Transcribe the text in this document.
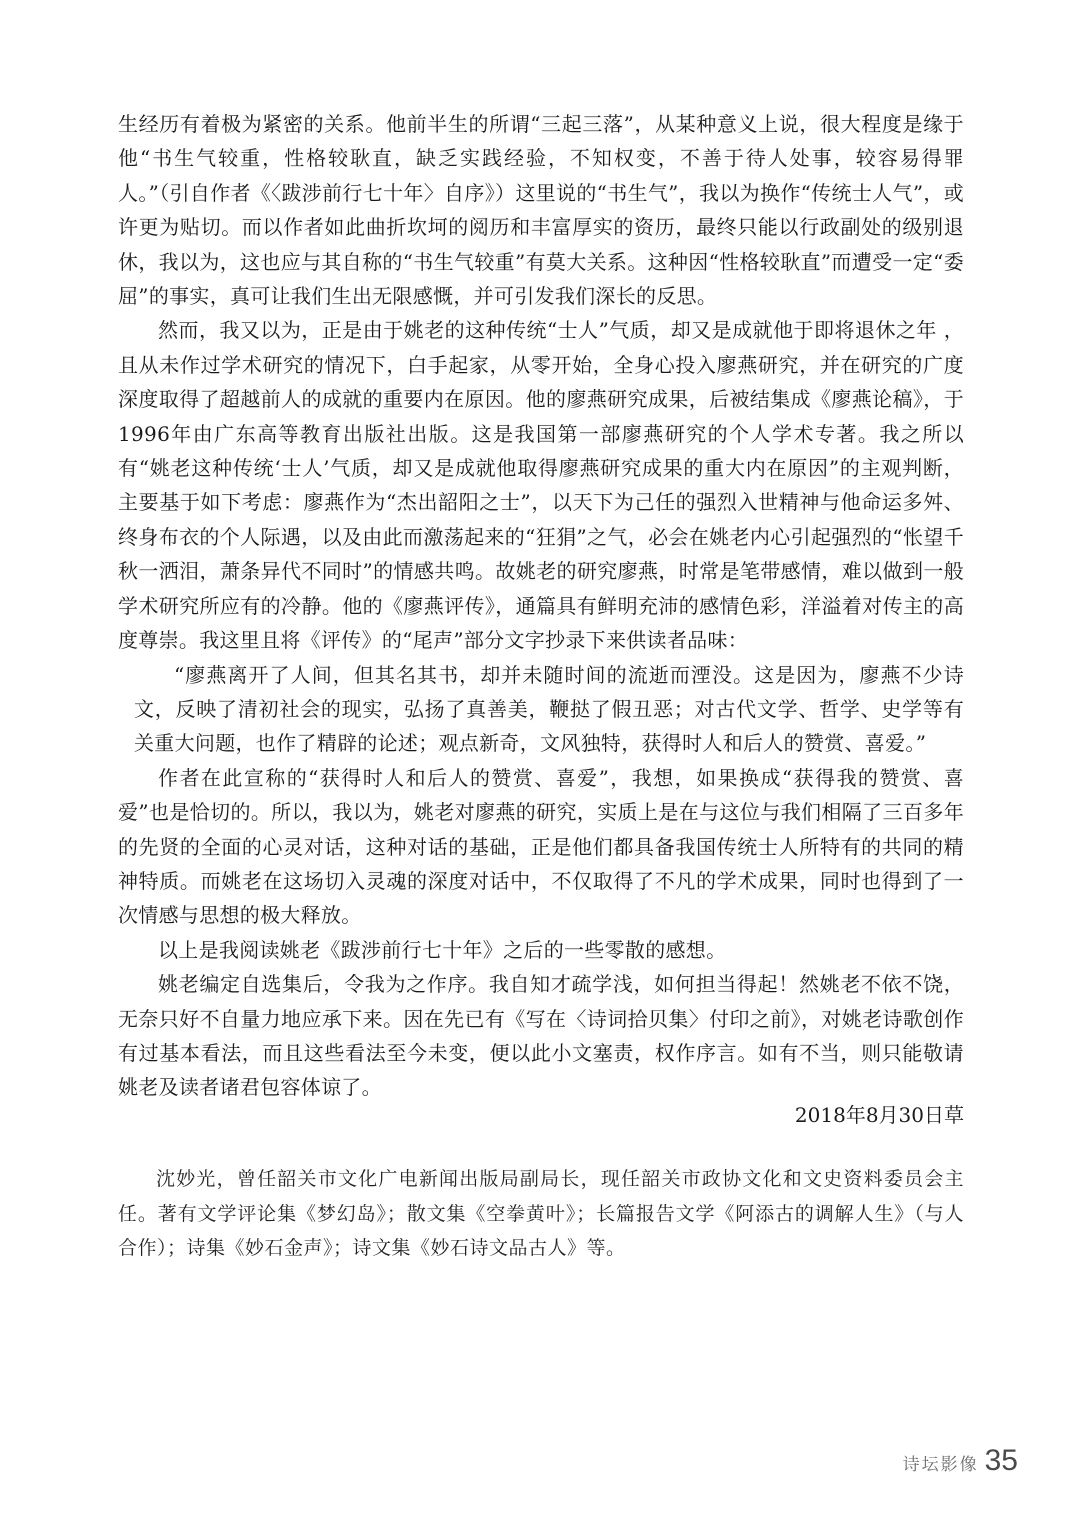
生经历有着极为紧密的关系。他前半生的所谓“三起三落”，从某种意义上说，很大程度是缘于他“书生气较重，性格较耿直，缺乏实践经验，不知权变，不善于待人处事，较容易得罪人。”（引自作者《〈跋涉前行七十年〉自序》）这里说的“书生气”，我以为换作“传统士人气”，或许更为贴切。而以作者如此曲折坎坷的阅历和丰富厚实的资历，最终只能以行政副处的级别退休，我以为，这也应与其自称的“书生气较重”有莫大关系。这种因“性格较耿直”而遭受一定“委屈”的事实，真可让我们生出无限感慨，并可引发我们深长的反思。

然而，我又以为，正是由于姚老的这种传统“士人”气质，却又是成就他于即将退休之年 ，且从未作过学术研究的情况下，白手起家，从零开始，全身心投入廖燕研究，并在研究的广度深度取得了超越前人的成就的重要内在原因。他的廖燕研究成果，后被结集成《廖燕论稿》，于1996年由广东高等教育出版社出版。这是我国第一部廖燕研究的个人学术专著。我之所以有“姚老这种传统‘士人’气质，却又是成就他取得廖燕研究成果的重大内在原因”的主观判断，主要基于如下考虑：廖燕作为“杰出韶阳之士”，以天下为己任的强烈入世精神与他命运多舛、终身布衣的个人际遇，以及由此而激荡起来的“狂狷”之气，必会在姚老内心引起强烈的“怅望千秋一洒泪，萧条异代不同时”的情感共鸣。故姚老的研究廖燕，时常是笔带感情，难以做到一般学术研究所应有的冷静。他的《廖燕评传》，通篇具有鲜明充沛的感情色彩，洋溢着对传主的高度尊崇。我这里且将《评传》的“尾声”部分文字抄录下来供读者品味：

“廖燕离开了人间，但其名其书，却并未随时间的流逝而湮没。这是因为，廖燕不少诗文，反映了清初社会的现实，弘扬了真善美，鞭挞了假丑恶；对古代文学、哲学、史学等有关重大问题，也作了精辟的论述；观点新奇，文风独特，获得时人和后人的赞赏、喜爱。”

作者在此宣称的“获得时人和后人的赞赏、喜爱”，我想，如果换成“获得我的赞赏、喜爱”也是恰切的。所以，我以为，姚老对廖燕的研究，实质上是在与这位与我们相隔了三百多年的先贤的全面的心灵对话，这种对话的基础，正是他们都具备我国传统士人所特有的共同的精神特质。而姚老在这场切入灵魂的深度对话中，不仅取得了不凡的学术成果，同时也得到了一次情感与思想的极大释放。

以上是我阅读姚老《跋涉前行七十年》之后的一些零散的感想。

姚老编定自选集后，令我为之作序。我自知才疏学浅，如何担当得起！然姚老不依不饶，无奈只好不自量力地应承下来。因在先已有《写在〈诗词拾贝集〉付印之前》，对姚老诗歌创作有过基本看法，而且这些看法至今未变，便以此小文塞责，权作序言。如有不当，则只能敬请姚老及读者诸君包容体谅了。

2018年8月30日草

沈妙光，曾任韶关市文化广电新闻出版局副局长，现任韶关市政协文化和文史资料委员会主任。著有文学评论集《梦幻岛》；散文集《空拳黄叶》；长篇报告文学《阿添古的调解人生》（与人合作）；诗集《妙石金声》；诗文集《妙石诗文品古人》等。

诗坛影像 35
